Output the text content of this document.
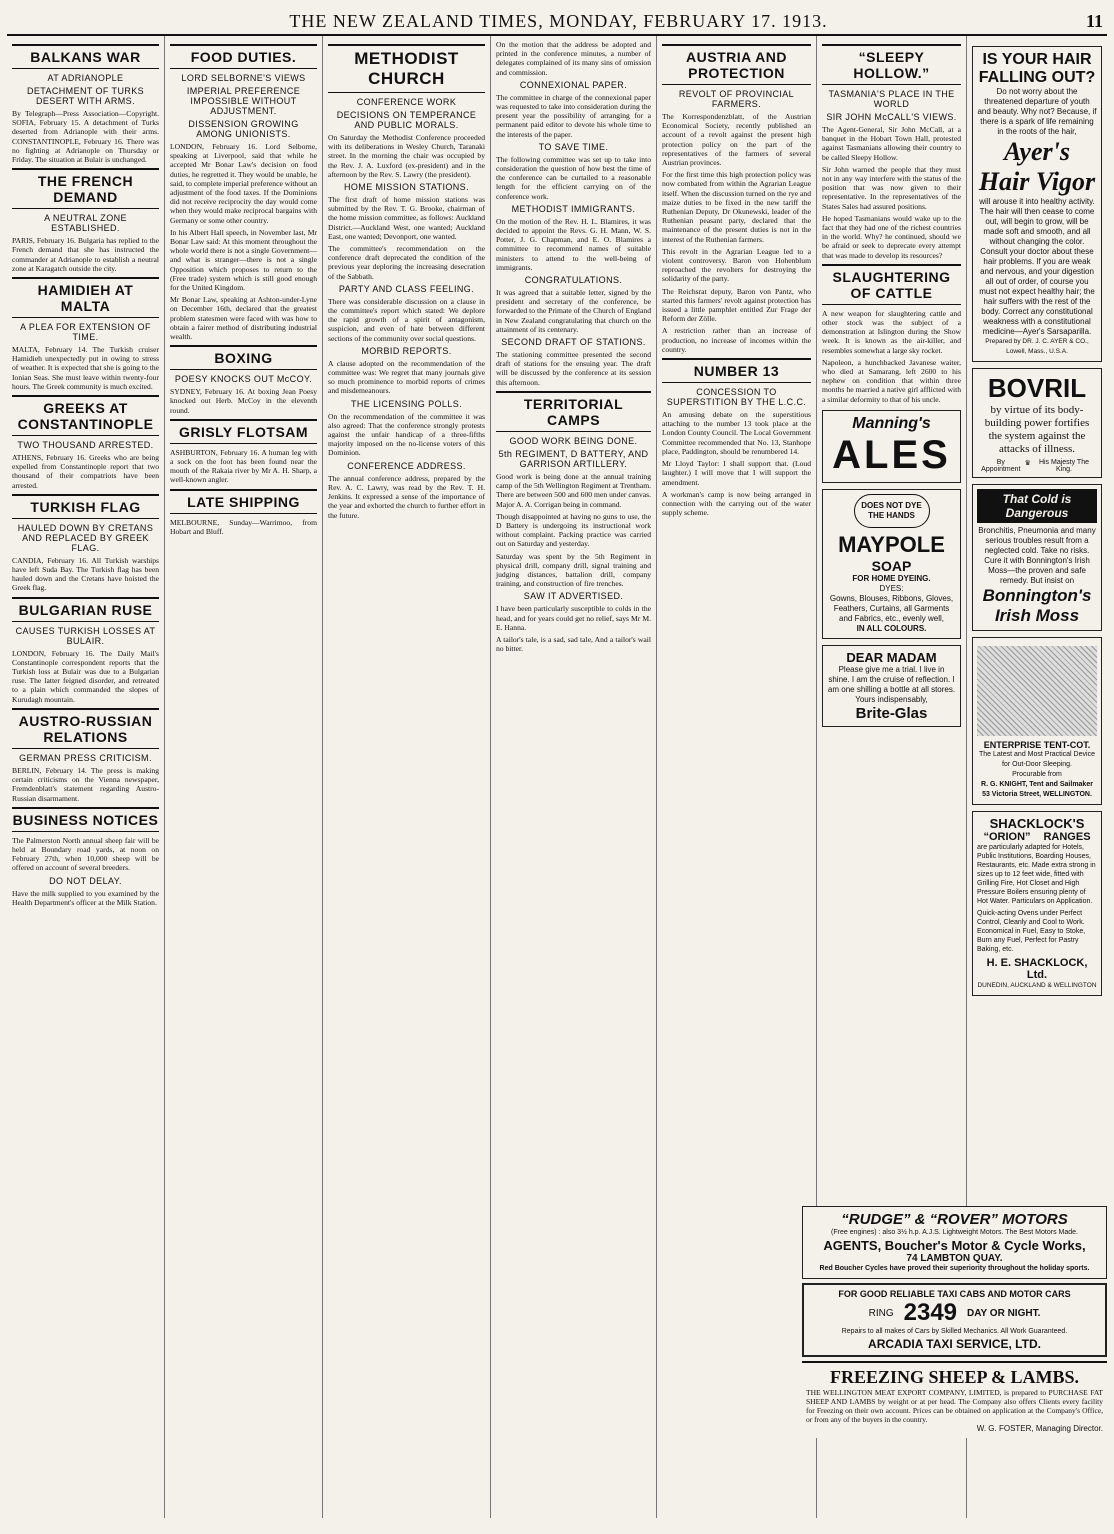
THE NEW ZEALAND TIMES, MONDAY, FEBRUARY 17. 1913.	11
BALKANS WAR
AT ADRIANOPLE
DETACHMENT OF TURKS DESERT WITH ARMS.
By Telegraph—Press Association—Copyright. SOFIA, February 15. A detachment of Turks deserted from Adrianople with their arms. CONSTANTINOPLE, February 16. There was no fighting at Adrianople on Thursday or Friday. The situation at Bulair is unchanged.
THE FRENCH DEMAND
A NEUTRAL ZONE ESTABLISHED.
PARIS, February 16. Bulgaria has replied to the French demand that she has instructed the commander at Adrianople to establish a neutral zone at Karagatch outside the city.
HAMIDIEH AT MALTA
A PLEA FOR EXTENSION OF TIME.
MALTA, February 14. The Turkish cruiser Hamidieh unexpectedly put in owing to stress of weather. It is expected that she is going to the Ionian Seas. She must leave within twenty-four hours. The Greek community is much excited.
GREEKS AT CONSTANTINOPLE
TWO THOUSAND ARRESTED.
ATHENS, February 16. Greeks who are being expelled from Constantinople report that two thousand of their compatriots have been arrested.
TURKISH FLAG
HAULED DOWN BY CRETANS AND REPLACED BY GREEK FLAG.
CANDIA, February 16. All Turkish warships have left Suda Bay. The Turkish flag has been hauled down and the Cretans have hoisted the Greek flag.
BULGARIAN RUSE
CAUSES TURKISH LOSSES AT BULAIR.
LONDON, February 16. The Daily Mail's Constantinople correspondent reports that the Turkish loss at Bulair was due to a Bulgarian ruse. The latter feigned disorder, and retreated to a plain which commanded the slopes of Kurudagh mountain.
AUSTRO-RUSSIAN RELATIONS
GERMAN PRESS CRITICISM.
BERLIN, February 14. The press is making certain criticisms on the Vienna newspaper, Fremdenblatt's statement regarding Austro-Russian disarmament.
BUSINESS NOTICES
The Palmerston North annual sheep fair will be held at Boundary road yards, at noon on February 27th, when 10,000 sheep will be offered on account of several breeders.
DO NOT DELAY.
Have the milk supplied to you examined by the Health Department's officer at the Milk Station.
FOOD DUTIES.
LORD SELBORNE'S VIEWS
IMPERIAL PREFERENCE IMPOSSIBLE WITHOUT ADJUSTMENT.
DISSENSION GROWING AMONG UNIONISTS.
LONDON, February 16. Lord Selborne, speaking at Liverpool, said that while he accepted Mr Bonar Law's decision on food duties, he regretted it. They would be unable, he said, to complete imperial preference without an adjustment of the food taxes. If the Dominions did not receive reciprocity the day would come when they would make reciprocal bargains with Germany or some other country.
In his Albert Hall speech, in November last, Mr Bonar Law said: At this moment throughout the whole world there is not a single Government—and what is stranger—there is not a single Opposition which proposes to return to the (Free trade) system which is still good enough for the United Kingdom.
Mr Bonar Law, speaking at Ashton-under-Lyne on December 16th, declared that the greatest problem statesmen were faced with was how to obtain a fairer method of distributing industrial wealth.
BOXING
POESY KNOCKS OUT McCOY.
SYDNEY, February 16. At boxing Jean Poesy knocked out Herb. McCoy in the eleventh round.
GRISLY FLOTSAM
ASHBURTON, February 16. A human leg with a sock on the foot has been found near the mouth of the Rakaia river by Mr A. H. Sharp, a well-known angler.
LATE SHIPPING
MELBOURNE, Sunday—Warrimoo, from Hobart and Bluff.
METHODIST CHURCH
CONFERENCE WORK
DECISIONS ON TEMPERANCE AND PUBLIC MORALS.
On Saturday the Methodist Conference proceeded with its deliberations in Wesley Church, Taranaki street. In the morning the chair was occupied by the Rev. J. A. Luxford (ex-president) and in the afternoon by the Rev. S. Lawry (the president).
HOME MISSION STATIONS.
The first draft of home mission stations was submitted by the Rev. T. G. Brooke, chairman of the home mission committee, as follows: Auckland District.—Auckland West, one wanted; Auckland East, one wanted; Devonport, one wanted.
The committee's recommendation on the conference draft deprecated the condition of the previous year deploring the increasing desecration of the Sabbath.
PARTY AND CLASS FEELING.
There was considerable discussion on a clause in the committee's report which stated: We deplore the rapid growth of a spirit of antagonism, suspicion, and even of hate between different sections of the community over social questions.
MORBID REPORTS.
A clause adopted on the recommendation of the committee was: We regret that many journals give so much prominence to morbid reports of crimes and misdemeanours.
THE LICENSING POLLS.
On the recommendation of the committee it was also agreed: That the conference strongly protests against the unfair handicap of a three-fifths majority imposed on the no-license voters of this Dominion.
CONFERENCE ADDRESS.
The annual conference address, prepared by the Rev. A. C. Lawry, was read by the Rev. T. H. Jenkins. It expressed a sense of the importance of the year and exhorted the church to further effort in the future.
On the motion that the address be adopted and printed in the conference minutes, a number of delegates complained of its many sins of omission and commission.
CONNEXIONAL PAPER.
The committee in charge of the connexional paper was requested to take into consideration during the present year the possibility of arranging for a permanent paid editor to devote his whole time to the interests of the paper.
TO SAVE TIME.
The following committee was set up to take into consideration the question of how best the time of the conference can be curtailed to a reasonable length for the efficient carrying on of the conference work.
METHODIST IMMIGRANTS.
On the motion of the Rev. H. L. Blamires, it was decided to appoint the Revs. G. H. Mann, W. S. Potter, J. G. Chapman, and E. O. Blamires a committee to recommend names of suitable ministers to attend to the well-being of immigrants.
CONGRATULATIONS.
It was agreed that a suitable letter, signed by the president and secretary of the conference, be forwarded to the Primate of the Church of England in New Zealand congratulating that church on the attainment of its centenary.
SECOND DRAFT OF STATIONS.
The stationing committee presented the second draft of stations for the ensuing year. The draft will be discussed by the conference at its session this afternoon.
TERRITORIAL CAMPS
GOOD WORK BEING DONE.
5th REGIMENT, D BATTERY, AND GARRISON ARTILLERY.
Good work is being done at the annual training camp of the 5th Wellington Regiment at Trentham. There are between 500 and 600 men under canvas. Major A. A. Corrigan being in command.
Though disappointed at having no guns to use, the D Battery is undergoing its instructional work without complaint. Packing practice was carried out on Saturday and yesterday.
Saturday was spent by the 5th Regiment in physical drill, company drill, signal training and judging distances, battalion drill, company training, and construction of fire trenches.
SAW IT ADVERTISED.
I have been particularly susceptible to colds in the head, and for years could get no relief, says Mr M. E. Hanna.
A tailor's tale, is a sad, sad tale, And a tailor's wail no bitter.
AUSTRIA AND PROTECTION
REVOLT OF PROVINCIAL FARMERS.
The Korrespondenzblatt, of the Austrian Economical Society, recently published an account of a revolt against the present high protection policy on the part of the representatives of the farmers of several Austrian provinces.
For the first time this high protection policy was now combated from within the Agrarian League itself. When the discussion turned on the rye and maize duties to be fixed in the new tariff the Ruthenian Deputy, Dr Okunewski, leader of the Ruthenian peasant party, declared that the maintenance of the present duties is not in the interest of the Ruthenian farmers.
This revolt in the Agrarian League led to a violent controversy. Baron von Hohenblum reproached the revolters for destroying the solidarity of the party.
The Reichsrat deputy, Baron von Pantz, who started this farmers' revolt against protection has issued a little pamphlet entitled Zur Frage der Reform der Zölle.
A restriction rather than an increase of production, no increase of incomes within the country.
NUMBER 13
CONCESSION TO SUPERSTITION BY THE L.C.C.
An amusing debate on the superstitious attaching to the number 13 took place at the London County Council. The Local Government Committee recommended that No. 13, Stanhope place, Paddington, should be renumbered 14.
Mr Lloyd Taylor: I shall support that. (Loud laughter.) I will move that I will support the amendment.
A workman's camp is now being arranged in connection with the carrying out of the water supply scheme.
“SLEEPY HOLLOW.”
TASMANIA'S PLACE IN THE WORLD
SIR JOHN McCALL'S VIEWS.
The Agent-General, Sir John McCall, at a banquet in the Hobart Town Hall, protested against Tasmanians allowing their country to be called Sleepy Hollow.
Sir John warned the people that they must not in any way interfere with the status of the position that was now given to their representative. In the representatives of the States Sales had assured positions.
He hoped Tasmanians would wake up to the fact that they had one of the richest countries in the world. Why? he continued, should we be afraid or seek to deprecate every attempt that was made to develop its resources?
SLAUGHTERING OF CATTLE
A new weapon for slaughtering cattle and other stock was the subject of a demonstration at Islington during the Show week. It is known as the air-killer, and resembles somewhat a large sky rocket.
Napoleon, a hunchbacked Javanese waiter, who died at Samarang, left 2600 to his nephew on condition that within three months he married a native girl afflicted with a similar deformity to that of his uncle.
Manning's
ALES
DOES NOT DYE THE HANDS
MAYPOLE
SOAP
FOR HOME DYEING.
DYES:
Gowns, Blouses, Ribbons, Gloves, Feathers, Curtains, all Garments and Fabrics, etc., evenly well,
IN ALL COLOURS.
DEAR MADAM
Please give me a trial. I live in shine. I am the cruise of reflection. I am one shilling a bottle at all stores. Yours indispensably,
Brite-Glas
IS YOUR HAIR FALLING OUT?
Do not worry about the threatened departure of youth and beauty. Why not? Because, if there is a spark of life remaining in the roots of the hair,
Ayer's Hair Vigor
will arouse it into healthy activity. The hair will then cease to come out, will begin to grow, will be made soft and smooth, and all without changing the color. Consult your doctor about these hair problems. If you are weak and nervous, and your digestion all out of order, of course you must not expect healthy hair; the hair suffers with the rest of the body. Correct any constitutional weakness with a constitutional medicine—Ayer's Sarsaparilla.
Prepared by DR. J. C. AYER & CO., Lowell, Mass., U.S.A.
BOVRIL
by virtue of its body-building power fortifies the system against the attacks of illness.
By Appointment
♛	His Majesty The King.
That Cold is Dangerous
Bronchitis, Pneumonia and many serious troubles result from a neglected cold. Take no risks. Cure it with Bonnington's Irish Moss—the proven and safe remedy. But insist on
Bonnington's Irish Moss
ENTERPRISE TENT-COT.
The Latest and Most Practical Device for Out-Door Sleeping.
Procurable from
R. G. KNIGHT, Tent and Sailmaker
53 Victoria Street, WELLINGTON.
SHACKLOCK'S
“ORION” RANGES
are particularly adapted for Hotels, Public Institutions, Boarding Houses, Restaurants, etc. Made extra strong in sizes up to 12 feet wide, fitted with Grilling Fire, Hot Closet and High Pressure Boilers ensuring plenty of Hot Water. Particulars on Application.
Quick-acting Ovens under Perfect Control, Cleanly and Cool to Work. Economical in Fuel, Easy to Stoke, Burn any Fuel, Perfect for Pastry Baking, etc.
H. E. SHACKLOCK, Ltd.
DUNEDIN, AUCKLAND & WELLINGTON
“RUDGE” & “ROVER” MOTORS
(Free engines) : also 3½ h.p. A.J.S. Lightweight Motors. The Best Motors Made.
AGENTS, Boucher's Motor & Cycle Works,
74 LAMBTON QUAY.
Red Boucher Cycles have proved their superiority throughout the holiday sports.
FOR GOOD RELIABLE TAXI CABS AND MOTOR CARS
RING 2349 DAY OR NIGHT.
Repairs to all makes of Cars by Skilled Mechanics. All Work Guaranteed.
ARCADIA TAXI SERVICE, LTD.
FREEZING SHEEP & LAMBS.
THE WELLINGTON MEAT EXPORT COMPANY, LIMITED, is prepared to PURCHASE FAT SHEEP AND LAMBS by weight or at per head. The Company also offers Clients every facility for Freezing on their own account. Prices can be obtained on application at the Company's Office, or from any of the buyers in the country.
W. G. FOSTER, Managing Director.
